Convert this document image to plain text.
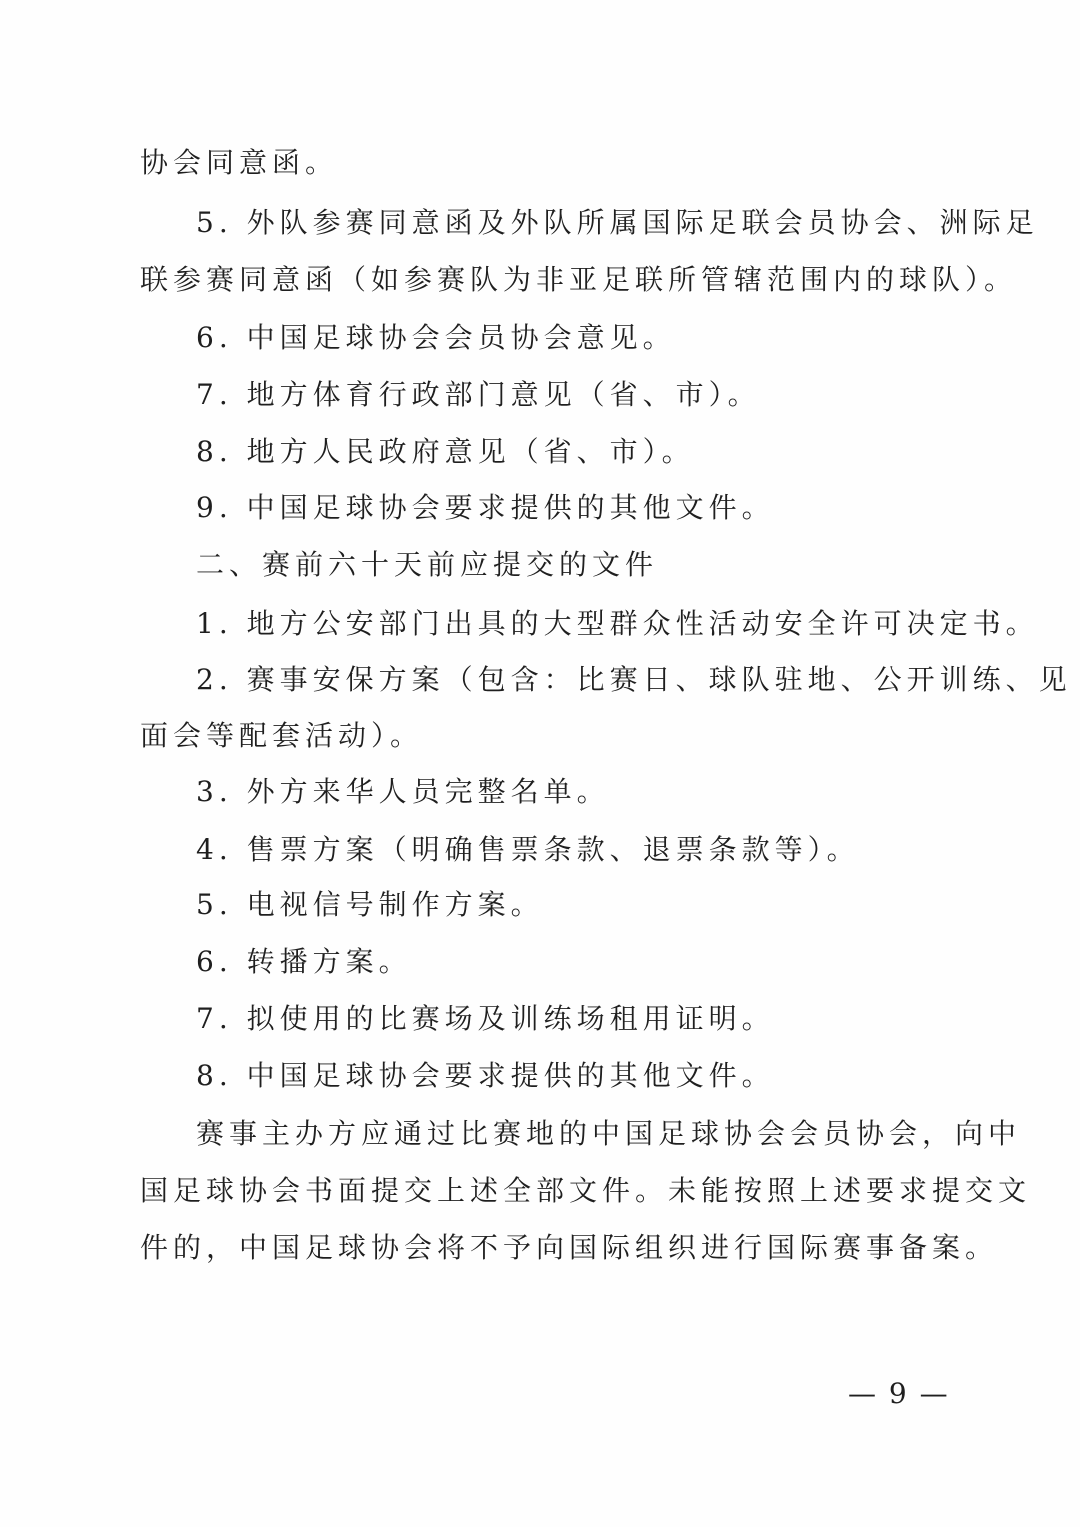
协会同意函。
5. 外队参赛同意函及外队所属国际足联会员协会、洲际足
联参赛同意函（如参赛队为非亚足联所管辖范围内的球队）。
6. 中国足球协会会员协会意见。
7. 地方体育行政部门意见（省、市）。
8. 地方人民政府意见（省、市）。
9. 中国足球协会要求提供的其他文件。
二、赛前六十天前应提交的文件
1. 地方公安部门出具的大型群众性活动安全许可决定书。
2. 赛事安保方案（包含：比赛日、球队驻地、公开训练、见
面会等配套活动）。
3. 外方来华人员完整名单。
4. 售票方案（明确售票条款、退票条款等）。
5. 电视信号制作方案。
6. 转播方案。
7. 拟使用的比赛场及训练场租用证明。
8. 中国足球协会要求提供的其他文件。
赛事主办方应通过比赛地的中国足球协会会员协会，向中
国足球协会书面提交上述全部文件。未能按照上述要求提交文
件的，中国足球协会将不予向国际组织进行国际赛事备案。
— 9 —
